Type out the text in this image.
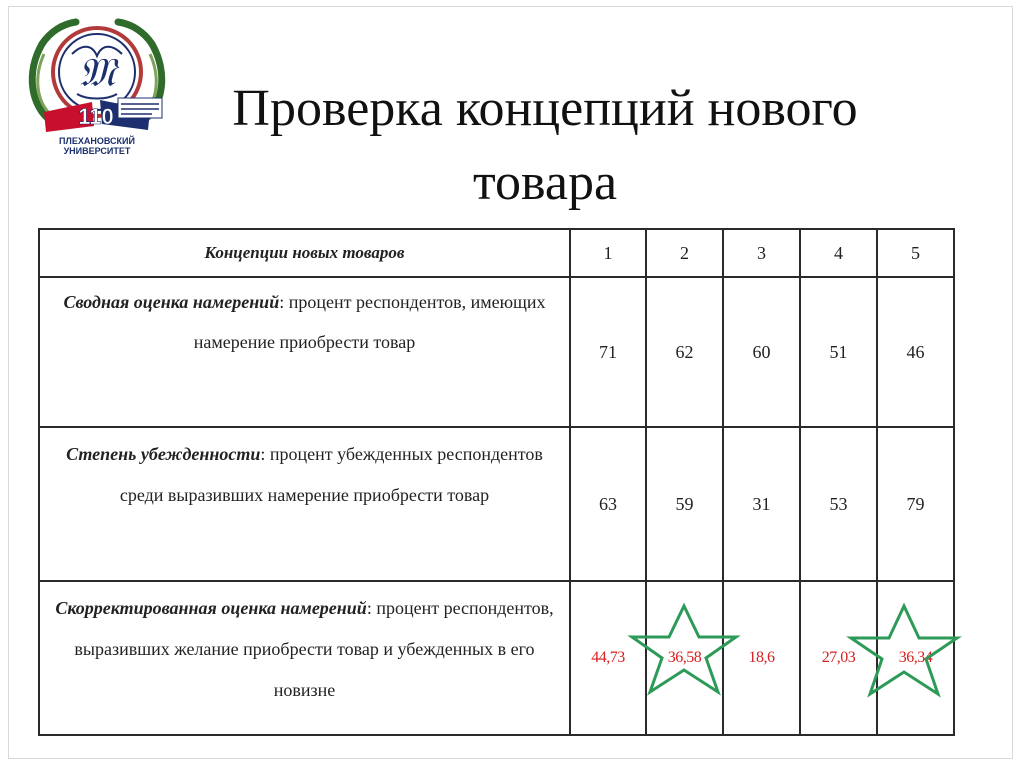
𝔐
110
ПЛЕХАНОВСКИЙ
УНИВЕРСИТЕТ
Проверка концепций нового
товара
Концепции новых товаров	1	2	3	4	5
Сводная оценка намерений: процент респондентов, имеющих намерение приобрести товар	71	62	60	51	46
Степень убежденности: процент убежденных респондентов среди выразивших намерение приобрести товар	63	59	31	53	79
Скорректированная оценка намерений: процент респондентов, выразивших желание приобрести товар и убежденных в его новизне	44,73	36,58	18,6	27,03	36,34
